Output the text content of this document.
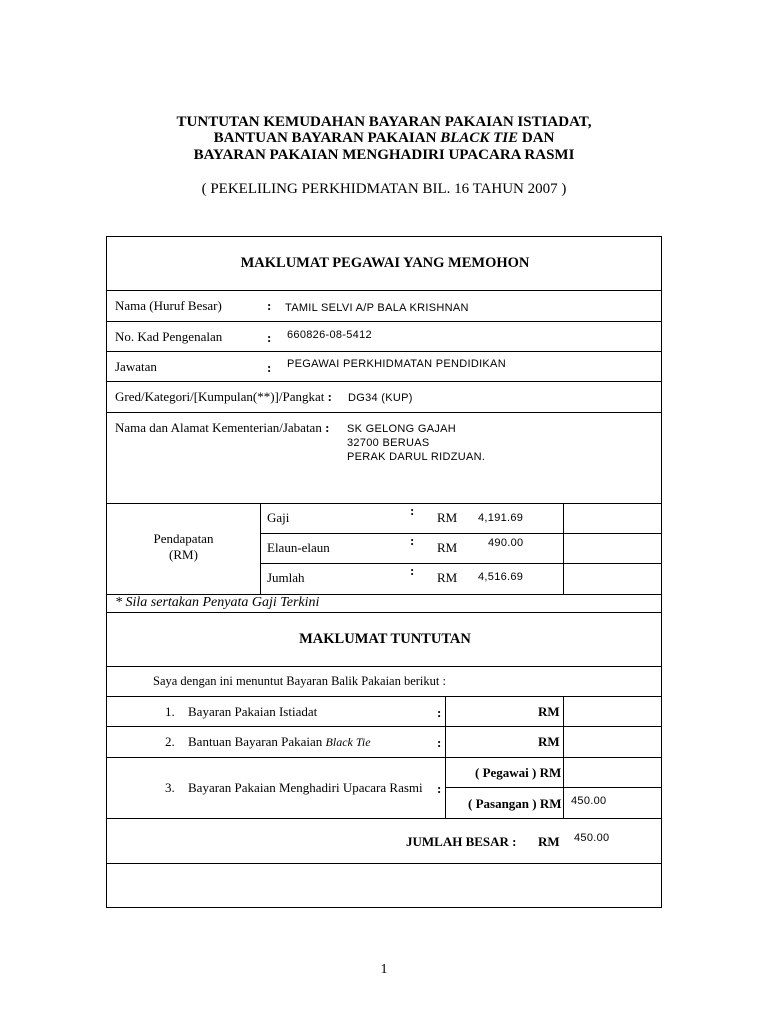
TUNTUTAN KEMUDAHAN BAYARAN PAKAIAN ISTIADAT,
BANTUAN BAYARAN PAKAIAN BLACK TIE DAN
BAYARAN PAKAIAN MENGHADIRI UPACARA RASMI
( PEKELILING PERKHIDMATAN BIL. 16 TAHUN 2007 )
MAKLUMAT PEGAWAI YANG MEMOHON
Nama (Huruf Besar)	: TAMIL SELVI A/P BALA KRISHNAN
No. Kad Pengenalan	: 660826-08-5412
Jawatan	: PEGAWAI PERKHIDMATAN PENDIDIKAN
Gred/Kategori/[Kumpulan(**)]/Pangkat : DG34 (KUP)
Nama dan Alamat Kementerian/Jabatan : SK GELONG GAJAH
32700 BERUAS
PERAK DARUL RIDZUAN.
Pendapatan
(RM)
Gaji	: RM 4,191.69
Elaun-elaun	: RM	490.00
Jumlah	: RM 4,516.69
* Sila sertakan Penyata Gaji Terkini
MAKLUMAT TUNTUTAN
Saya dengan ini menuntut Bayaran Balik Pakaian berikut :
1. Bayaran Pakaian Istiadat	:	RM
2. Bantuan Bayaran Pakaian Black Tie	:	RM
3. Bayaran Pakaian Menghadiri Upacara Rasmi :
( Pegawai ) RM
( Pasangan ) RM 450.00
JUMLAH BESAR : RM 450.00
1
